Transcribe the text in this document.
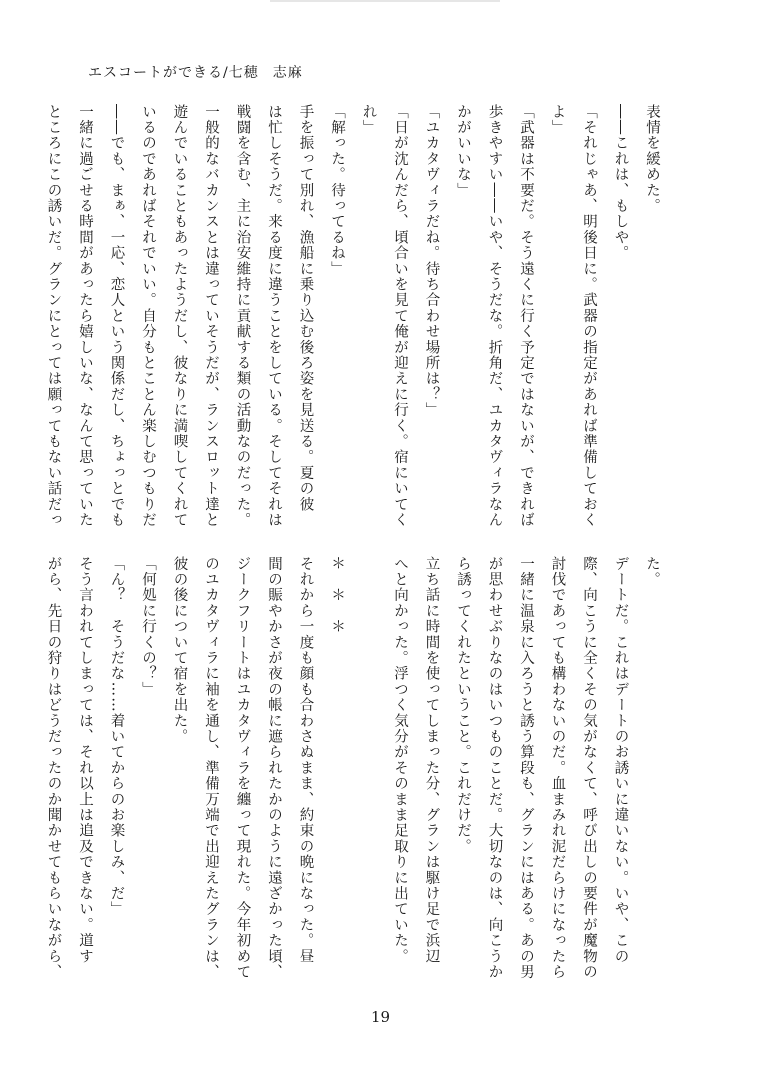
エスコートができる/七穂 志麻
表情を緩めた。
――これは、もしや。
「それじゃあ、明後日に。武器の指定があれば準備しておく
よ」
「武器は不要だ。そう遠くに行く予定ではないが、できれば
歩きやすい――いや、そうだな。折角だ、ユカタヴィラなん
かがいいな」
「ユカタヴィラだね。待ち合わせ場所は？」
「日が沈んだら、頃合いを見て俺が迎えに行く。宿にいてく
れ」
「解った。待ってるね」
手を振って別れ、漁船に乗り込む後ろ姿を見送る。夏の彼
は忙しそうだ。来る度に違うことをしている。そしてそれは
戦闘を含む、主に治安維持に貢献する類の活動なのだった。
一般的なバカンスとは違っていそうだが、ランスロット達と
遊んでいることもあったようだし、彼なりに満喫してくれて
いるのであればそれでいい。自分もとことん楽しむつもりだ
――でも、まぁ、一応、恋人という関係だし、ちょっとでも
一緒に過ごせる時間があったら嬉しいな、なんて思っていた
ところにこの誘いだ。グランにとっては願ってもない話だっ
た。
デートだ。これはデートのお誘いに違いない。いや、この
際、向こうに全くその気がなくて、呼び出しの要件が魔物の
討伐であっても構わないのだ。血まみれ泥だらけになったら
一緒に温泉に入ろうと誘う算段も、グランにはある。あの男
が思わせぶりなのはいつものことだ。大切なのは、向こうか
ら誘ってくれたということ。これだけだ。
立ち話に時間を使ってしまった分、グランは駆け足で浜辺
へと向かった。浮つく気分がそのまま足取りに出ていた。

＊　＊　＊
それから一度も顔も合わさぬまま、約束の晩になった。昼
間の賑やかさが夜の帳に遮られたかのように遠ざかった頃、
ジークフリートはユカタヴィラを纏って現れた。今年初めて
のユカタヴィラに袖を通し、準備万端で出迎えたグランは、
彼の後について宿を出た。
「何処に行くの？」
「ん？　そうだな……着いてからのお楽しみ、だ」
そう言われてしまっては、それ以上は追及できない。道す
がら、先日の狩りはどうだったのか聞かせてもらいながら、
19
